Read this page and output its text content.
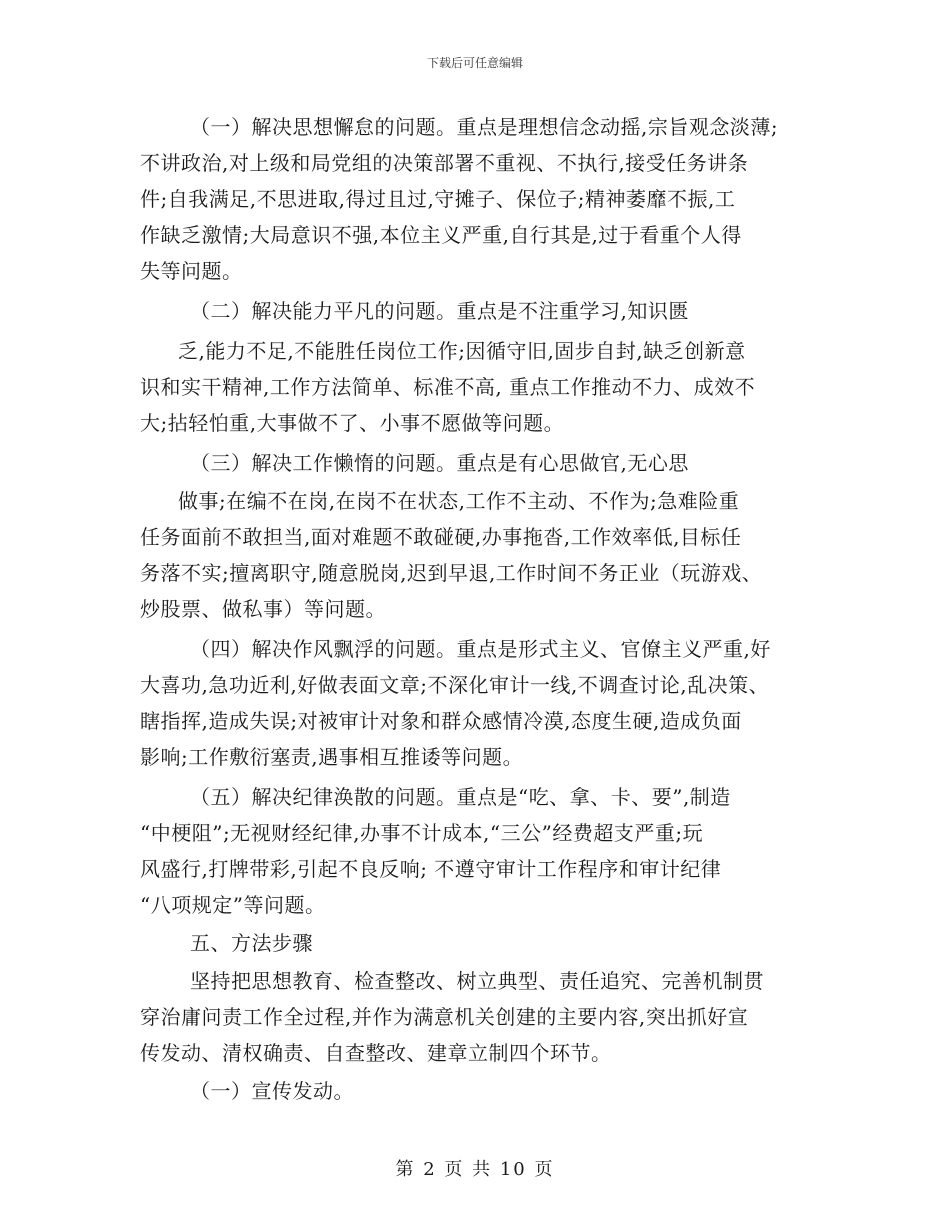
下载后可任意编辑
（一）解决思想懈怠的问题。重点是理想信念动摇,宗旨观念淡薄;
不讲政治,对上级和局党组的决策部署不重视、不执行,接受任务讲条
件;自我满足,不思进取,得过且过,守摊子、保位子;精神萎靡不振,工
作缺乏激情;大局意识不强,本位主义严重,自行其是,过于看重个人得
失等问题。
（二）解决能力平凡的问题。重点是不注重学习,知识匮
乏,能力不足,不能胜任岗位工作;因循守旧,固步自封,缺乏创新意
识和实干精神,工作方法简单、标准不高, 重点工作推动不力、成效不
大;拈轻怕重,大事做不了、小事不愿做等问题。
（三）解决工作懒惰的问题。重点是有心思做官,无心思
做事;在编不在岗,在岗不在状态,工作不主动、不作为;急难险重
任务面前不敢担当,面对难题不敢碰硬,办事拖沓,工作效率低,目标任
务落不实;擅离职守,随意脱岗,迟到早退,工作时间不务正业（玩游戏、
炒股票、做私事）等问题。
（四）解决作风飘浮的问题。重点是形式主义、官僚主义严重,好
大喜功,急功近利,好做表面文章;不深化审计一线,不调查讨论,乱决策、
瞎指挥,造成失误;对被审计对象和群众感情冷漠,态度生硬,造成负面
影响;工作敷衍塞责,遇事相互推诿等问题。
（五）解决纪律涣散的问题。重点是“吃、拿、卡、要”,制造
“中梗阻”;无视财经纪律,办事不计成本,“三公”经费超支严重;玩
风盛行,打牌带彩,引起不良反响; 不遵守审计工作程序和审计纪律
“八项规定”等问题。
五、方法步骤
坚持把思想教育、检查整改、树立典型、责任追究、完善机制贯
穿治庸问责工作全过程,并作为满意机关创建的主要内容,突出抓好宣
传发动、清权确责、自查整改、建章立制四个环节。
（一）宣传发动。
第 2 页 共 10 页
